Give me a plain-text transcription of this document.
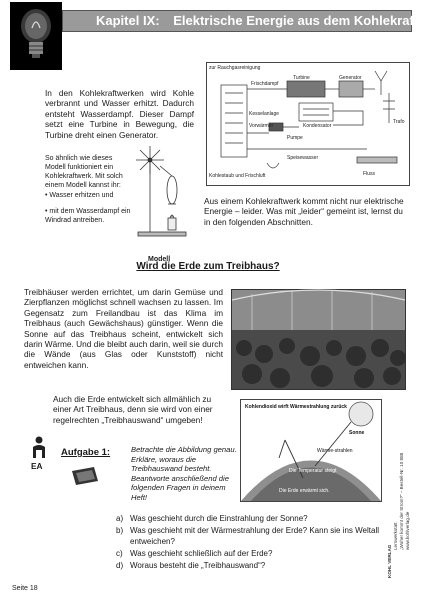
Kapitel IX: Elektrische Energie aus dem Kohlekraftwerk
In den Kohlekraftwerken wird Kohle verbrannt und Wasser erhitzt. Dadurch entsteht Wasserdampf. Dieser Dampf setzt eine Turbine in Bewegung, die Turbine dreht einen Generator.
So ähnlich wie dieses Modell funktioniert ein Kohlekraftwerk. Mit solch einem Modell kannst ihr:
• Wasser erhitzen und
• mit dem Wasserdampf ein Windrad antreiben.
Modell
zur Rauchgasreinigung
Frischdampf
Turbine	Generator
Kesselanlage
Vorwärmer	Kondensator
Pumpe
Speisewasser
Kohlestaub und Frischluft	Fluss
Trafo
Aus einem Kohlekraftwerk kommt nicht nur elektrische Energie – leider. Was mit „leider“ gemeint ist, lernst du in den folgenden Abschnitten.
Wird die Erde zum Treibhaus?
Treibhäuser werden errichtet, um darin Gemüse und Zierpflanzen möglichst schnell wachsen zu lassen. Im Gegensatz zum Freilandbau ist das Klima im Treibhaus (auch Gewächshaus) günstiger. Wenn die Sonne auf das Treibhaus scheint, entwickelt sich darin Wärme. Und die bleibt auch darin, weil sie durch die Wände (aus Glas oder Kunststoff) nicht entweichen kann.
Auch die Erde entwickelt sich allmählich zu einer Art Treibhaus, denn sie wird von einer regelrechten „Treibhauswand“ umgeben!
Kohlendioxid wirft Wärmestrahlung zurück
Sonne
Wärme-strahlen
Die Temperatur steigt
Die Erde erwärmt sich.
EA
Aufgabe 1:	Betrachte die Abbildung genau. Erkläre, woraus die Treibhauswand besteht. Beantworte anschließend die folgenden Fragen in deinem Heft!
a) Was geschieht durch die Einstrahlung der Sonne?
b) Was geschieht mit der Wärmestrahlung der Erde? Kann sie ins Weltall entweichen?
c) Was geschieht schließlich auf der Erde?
d) Woraus besteht die „Treibhauswand“?	KOHL VERLAG
Lernwerkstatt „Woher kommt der Strom?“ – Bestell-Nr. 10 888 www.kohlverlag.de
Seite 18
